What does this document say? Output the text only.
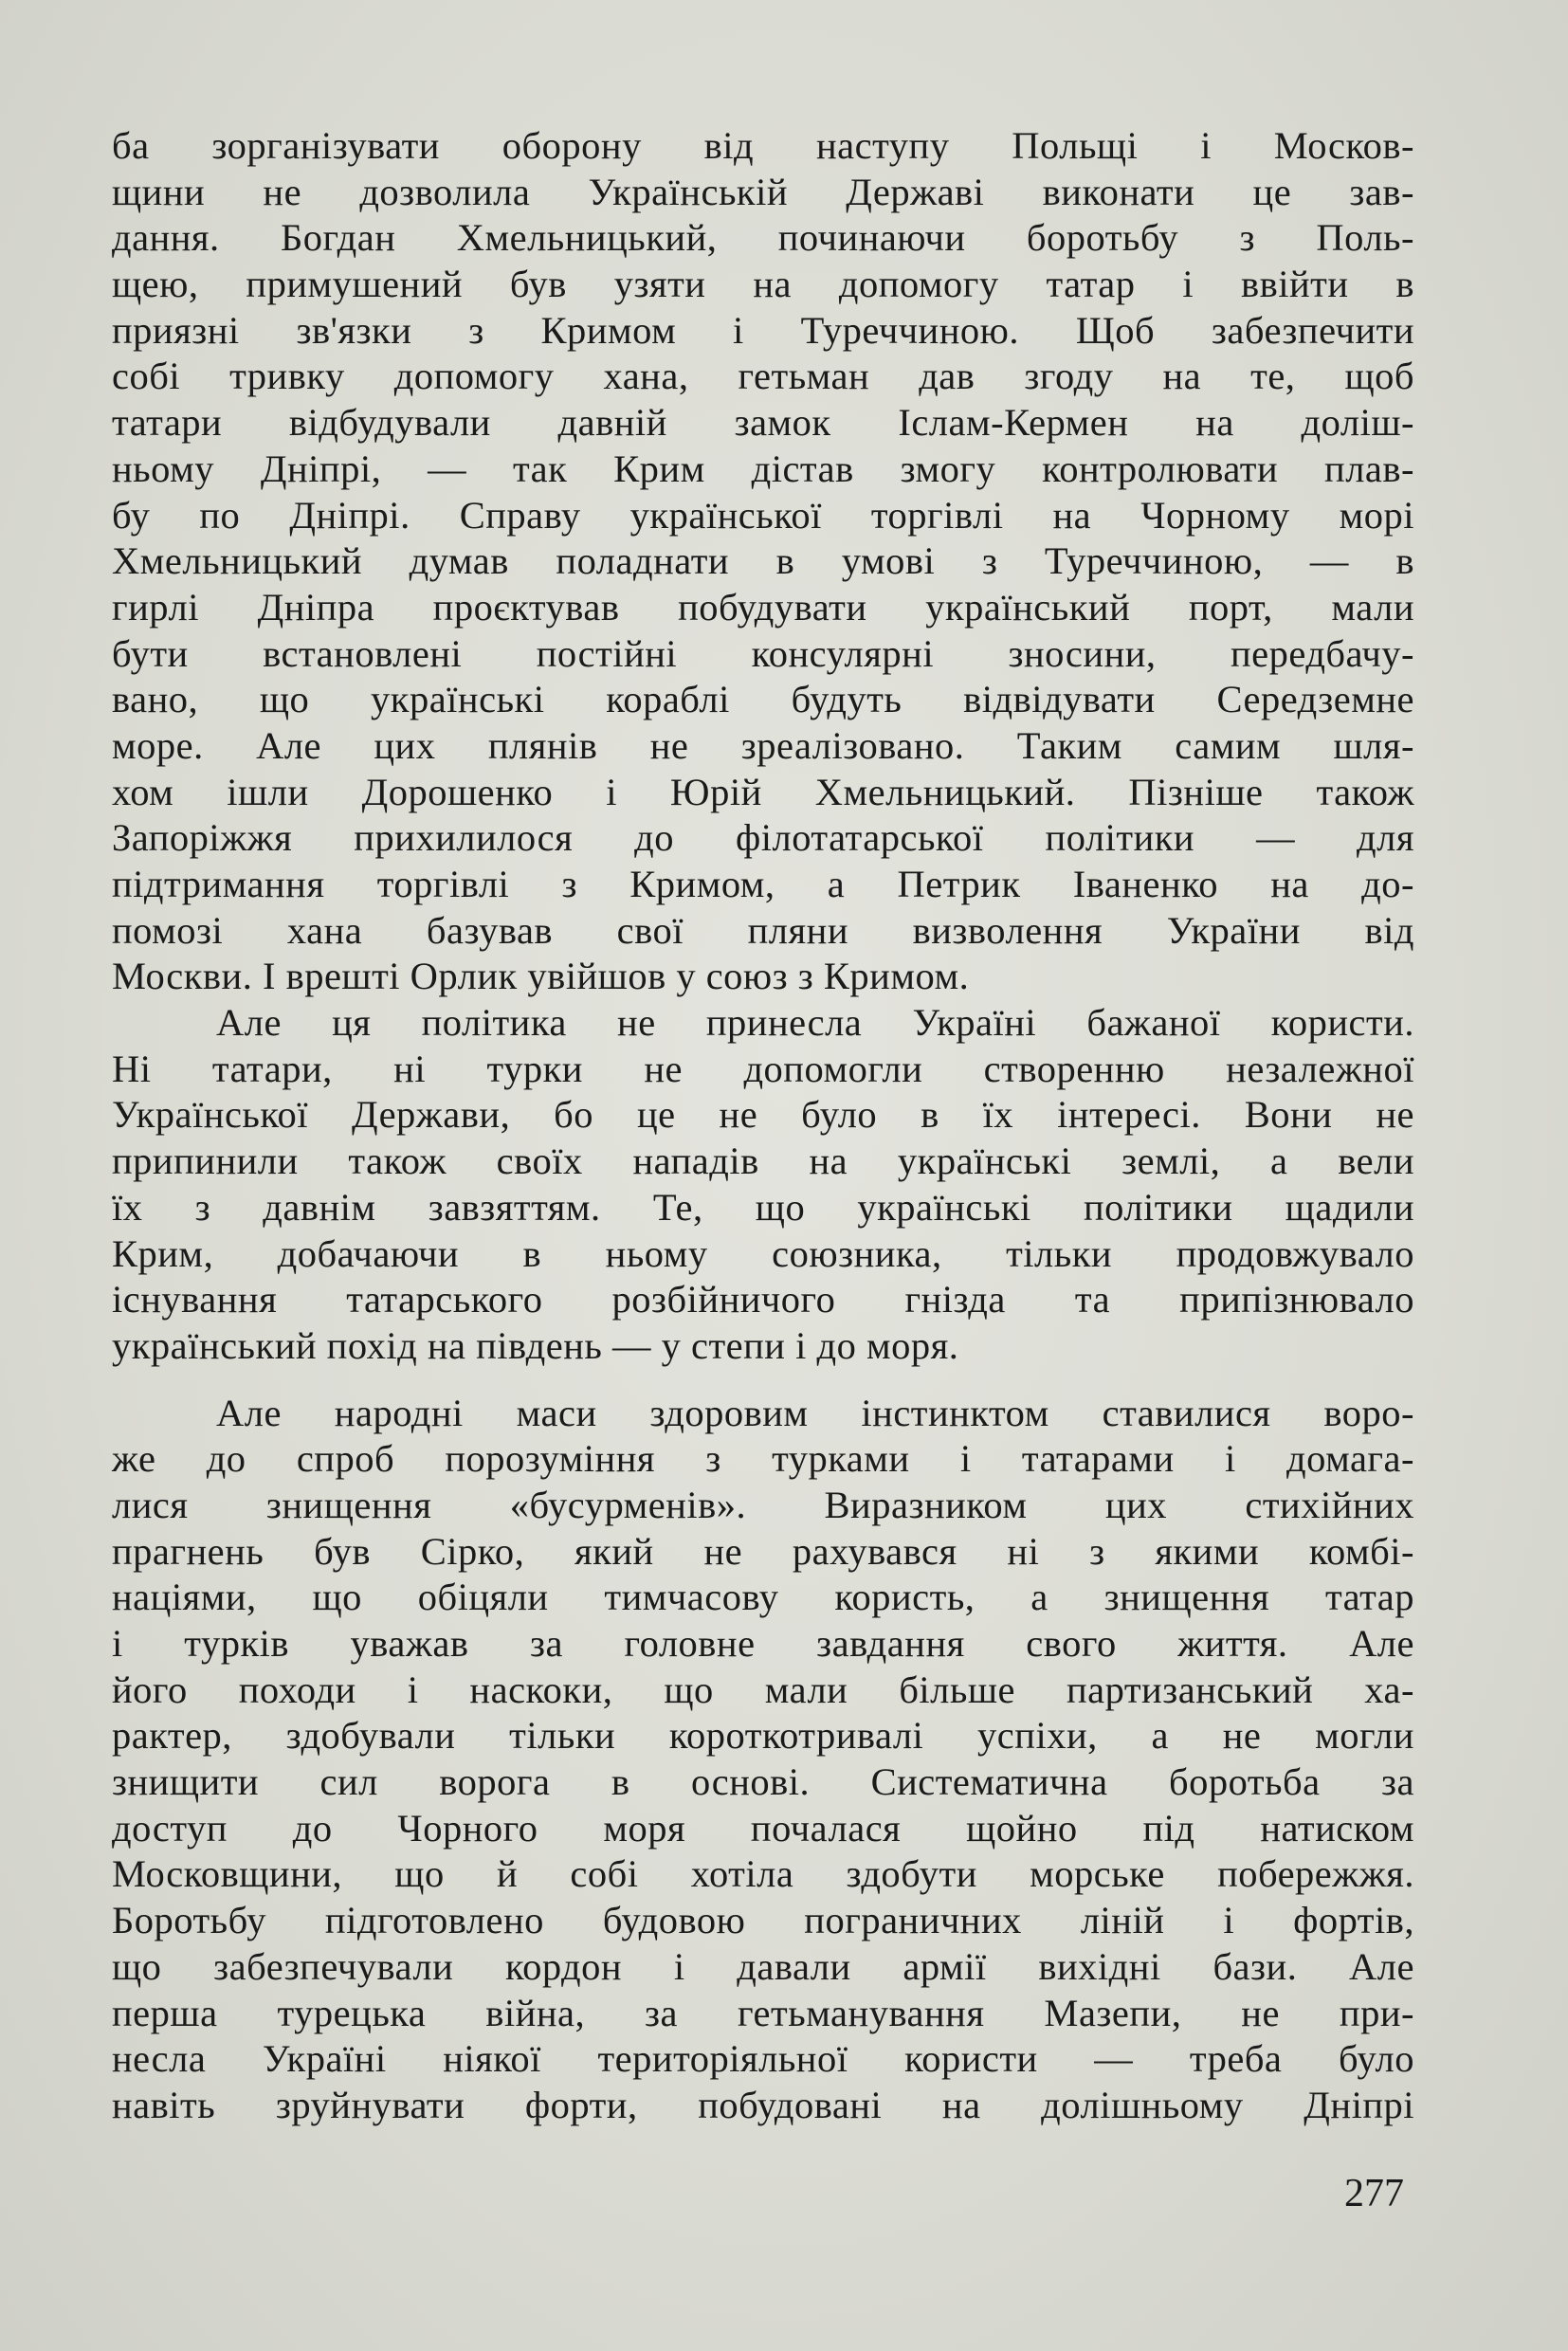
ба зорганізувати оборону від наступу Польщі і Москов-
щини не дозволила Українській Державі виконати це зав-
дання. Богдан Хмельницький, починаючи боротьбу з Поль-
щею, примушений був узяти на допомогу татар і ввійти в
приязні зв'язки з Кримом і Туреччиною. Щоб забезпечити
собі тривку допомогу хана, гетьман дав згоду на те, щоб
татари відбудували давній замок Іслам-Кермен на доліш-
ньому Дніпрі, — так Крим дістав змогу контролювати плав-
бу по Дніпрі. Справу української торгівлі на Чорному морі
Хмельницький думав поладнати в умові з Туреччиною, — в
гирлі Дніпра проєктував побудувати український порт, мали
бути встановлені постійні консулярні зносини, передбачу-
вано, що українські кораблі будуть відвідувати Середземне
море. Але цих плянів не зреалізовано. Таким самим шля-
хом ішли Дорошенко і Юрій Хмельницький. Пізніше також
Запоріжжя прихилилося до філотатарської політики — для
підтримання торгівлі з Кримом, а Петрик Іваненко на до-
помозі хана базував свої пляни визволення України від
Москви. І врешті Орлик увійшов у союз з Кримом.
Але ця політика не принесла Україні бажаної користи.
Ні татари, ні турки не допомогли створенню незалежної
Української Держави, бо це не було в їх інтересі. Вони не
припинили також своїх нападів на українські землі, а вели
їх з давнім завзяттям. Те, що українські політики щадили
Крим, добачаючи в ньому союзника, тільки продовжувало
існування татарського розбійничого гнізда та припізнювало
український похід на південь — у степи і до моря.
Але народні маси здоровим інстинктом ставилися воро-
же до спроб порозуміння з турками і татарами і домага-
лися знищення «бусурменів». Виразником цих стихійних
прагнень був Сірко, який не рахувався ні з якими комбі-
націями, що обіцяли тимчасову користь, а знищення татар
і турків уважав за головне завдання свого життя. Але
його походи і наскоки, що мали більше партизанський ха-
рактер, здобували тільки короткотривалі успіхи, а не могли
знищити сил ворога в основі. Систематична боротьба за
доступ до Чорного моря почалася щойно під натиском
Московщини, що й собі хотіла здобути морське побережжя.
Боротьбу підготовлено будовою пограничних ліній і фортів,
що забезпечували кордон і давали армії вихідні бази. Але
перша турецька війна, за гетьманування Мазепи, не при-
несла Україні ніякої територіяльної користи — треба було
навіть зруйнувати форти, побудовані на долішньому Дніпрі
277
